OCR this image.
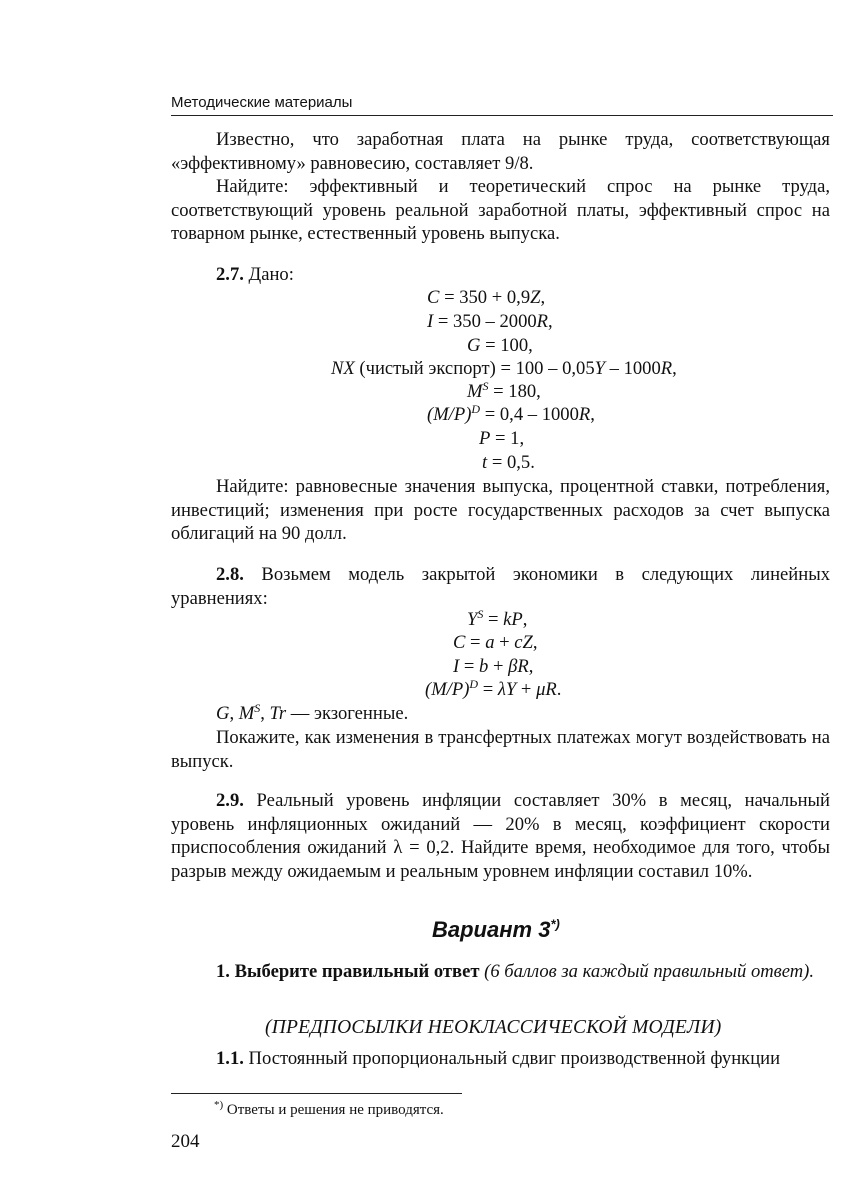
Методические материалы
Известно, что заработная плата на рынке труда, соответствующая «эффективному» равновесию, составляет 9/8.
Найдите: эффективный и теоретический спрос на рынке труда, соответствующий уровень реальной заработной платы, эффективный спрос на товарном рынке, естественный уровень выпуска.
2.7. Дано:
C = 350 + 0,9Z,
I = 350 – 2000R,
G = 100,
NX (чистый экспорт) = 100 – 0,05Y – 1000R,
$M^S = 180$,
$(M/P)^D = 0,4 - 1000R$,
P = 1,
t = 0,5.
Найдите: равновесные значения выпуска, процентной ставки, потребления, инвестиций; изменения при росте государственных расходов за счет выпуска облигаций на 90 долл.
2.8. Возьмем модель закрытой экономики в следующих линейных уравнениях:
$Y^S$ = kP,
C = a + cZ,
I = b + βR,
$(M/P)^D = \lambda Y + \mu R$.
G, $M^S$, Tr — экзогенные.
Покажите, как изменения в трансфертных платежах могут воздействовать на выпуск.
2.9. Реальный уровень инфляции составляет 30% в месяц, начальный уровень инфляционных ожиданий — 20% в месяц, коэффициент скорости приспособления ожиданий λ = 0,2. Найдите время, необходимое для того, чтобы разрыв между ожидаемым и реальным уровнем инфляции составил 10%.
Вариант 3*)
1. Выберите правильный ответ (6 баллов за каждый правильный ответ).
(ПРЕДПОСЫЛКИ НЕОКЛАССИЧЕСКОЙ МОДЕЛИ)
1.1. Постоянный пропорциональный сдвиг производственной функции
*) Ответы и решения не приводятся.
204
